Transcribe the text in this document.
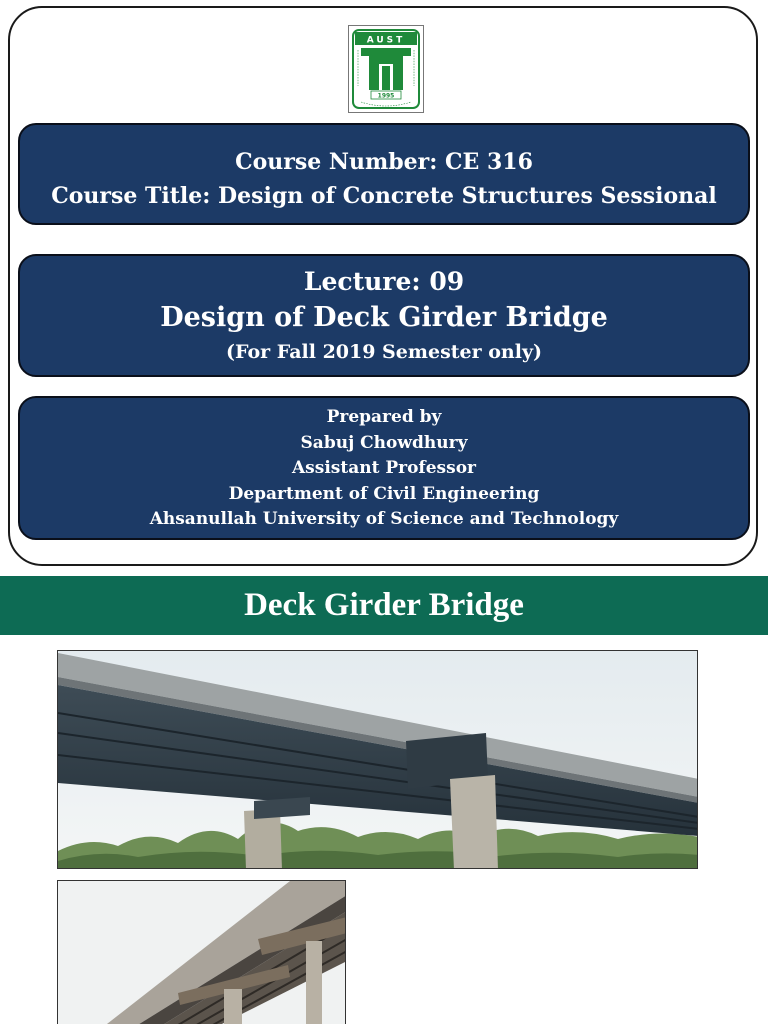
AUST
1995
Course Number: CE 316
Course Title: Design of Concrete Structures Sessional
Lecture: 09
Design of Deck Girder Bridge
(For Fall 2019 Semester only)
Prepared by
Sabuj Chowdhury
Assistant Professor
Department of Civil Engineering
Ahsanullah University of Science and Technology
Deck Girder Bridge
